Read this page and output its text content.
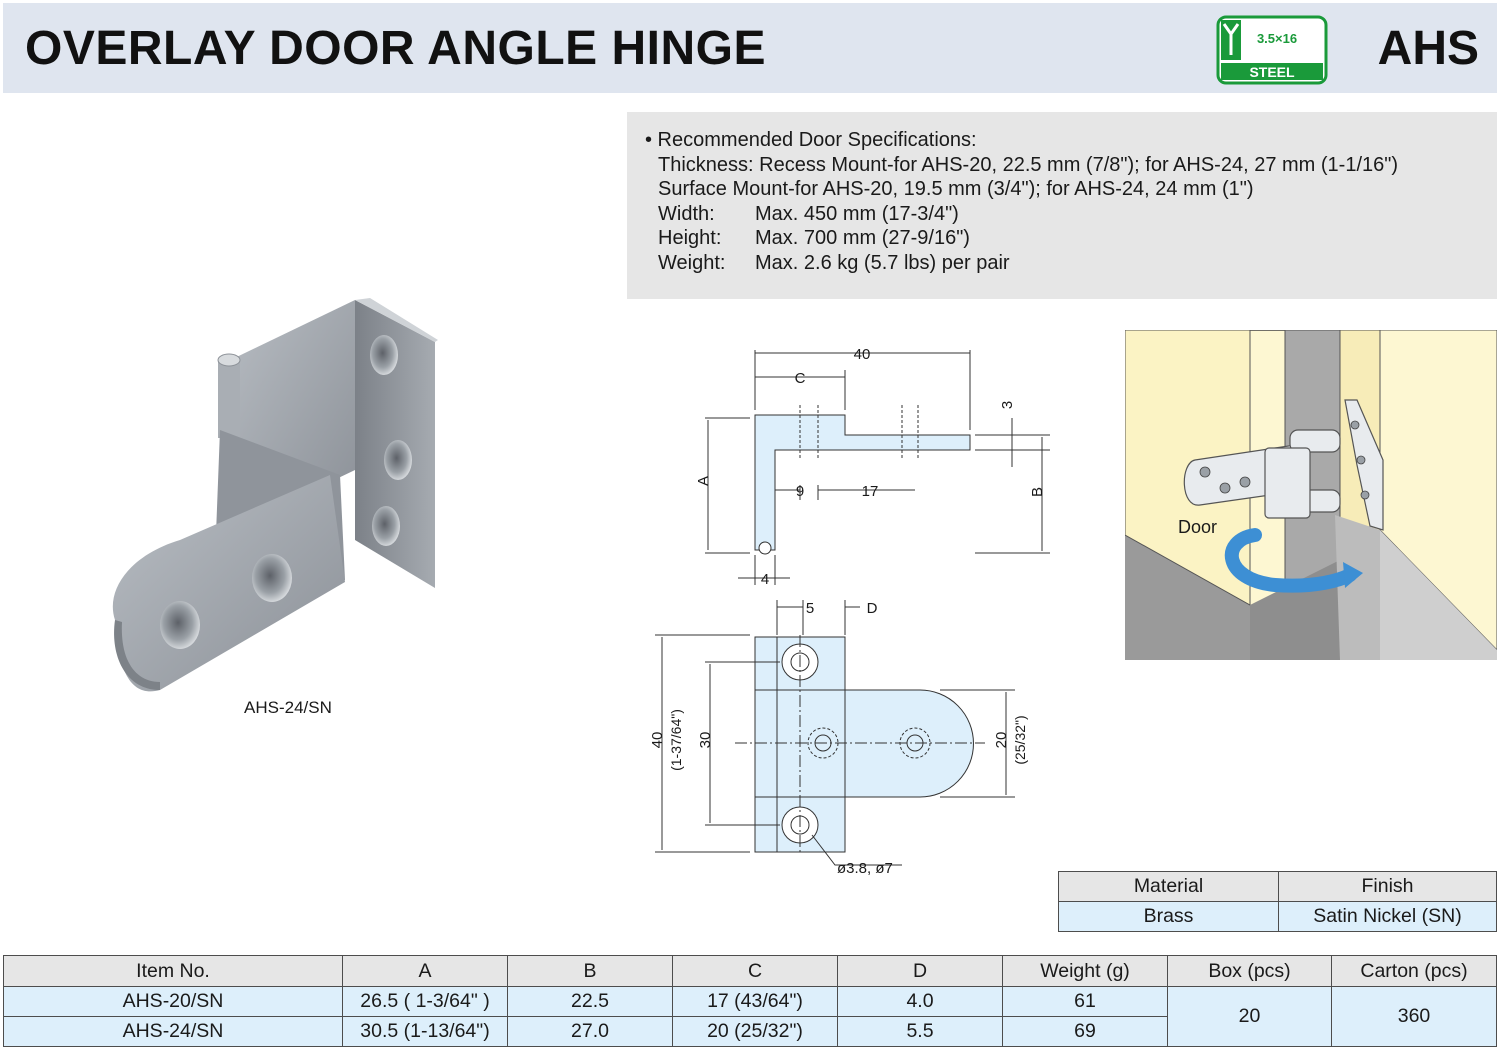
OVERLAY DOOR ANGLE HINGE	3.5×16
STEEL AHS
• Recommended Door Specifications:
Thickness: Recess Mount-for AHS-20, 22.5 mm (7/8"); for AHS-24, 27 mm (1-1/16")
Surface Mount-for AHS-20, 19.5 mm (3/4"); for AHS-24, 24 mm (1")
Width: Max. 450 mm (17-3/4")
Height: Max. 700 mm (27-9/16")
Weight: Max. 2.6 kg (5.7 lbs) per pair
AHS-24/SN
40
C
3
A
B
9	17
4
5	D
40 (1-37/64") 30	20 (25/32")
ø3.8, ø7
Door
Material	Finish
Brass	Satin Nickel (SN)
Item No.	A	B	C	D	Weight (g)	Box (pcs)	Carton (pcs)
AHS-20/SN	26.5 ( 1-3/64" )	22.5	17 (43/64")	4.0	61	20	360
AHS-24/SN	30.5 (1-13/64")	27.0	20 (25/32")	5.5	69		
